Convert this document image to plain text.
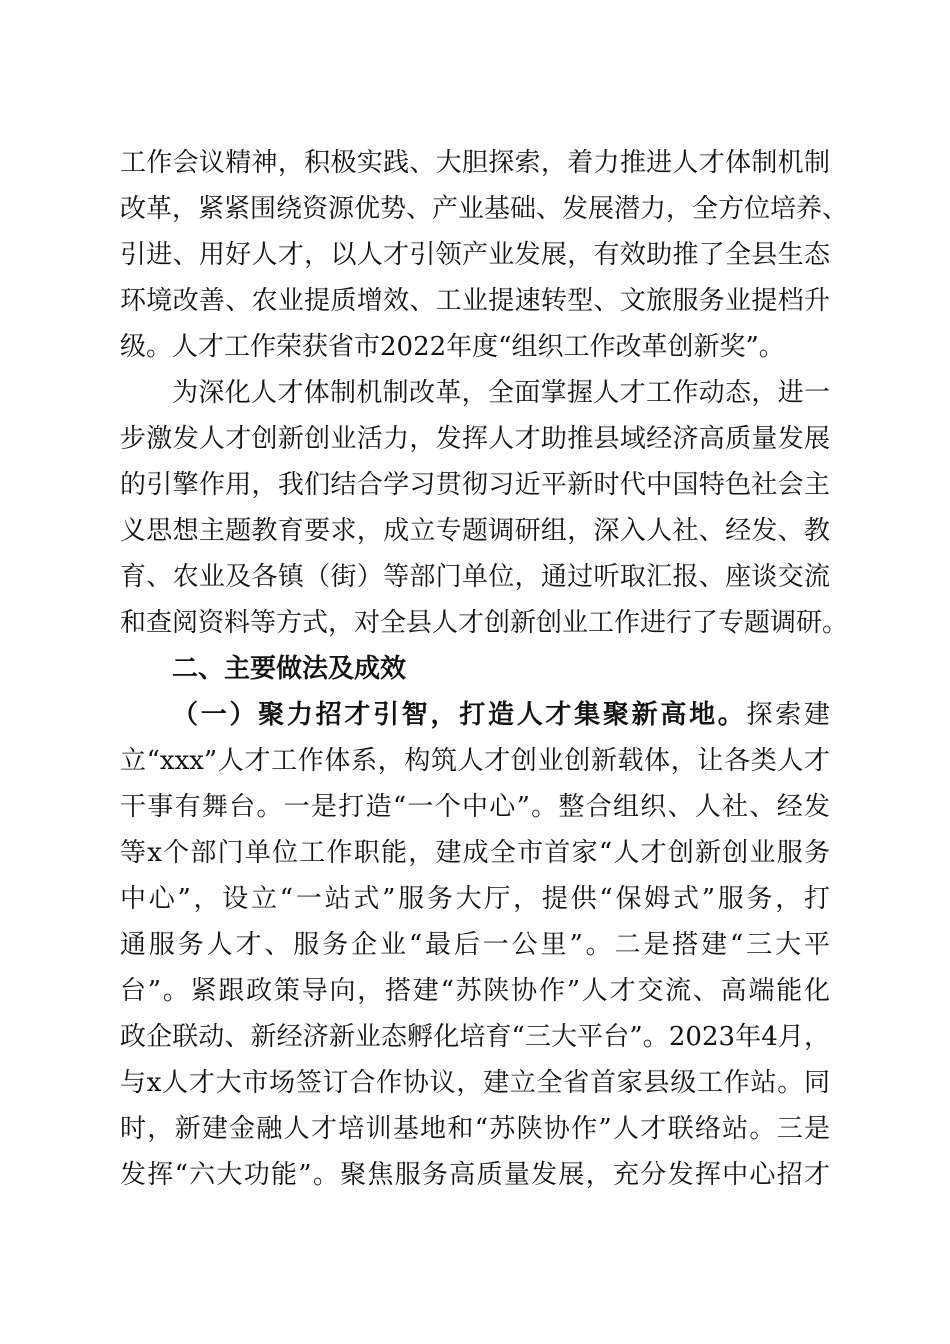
工作会议精神，积极实践、大胆探索，着力推进人才体制机制
改革，紧紧围绕资源优势、产业基础、发展潜力，全方位培养、
引进、用好人才，以人才引领产业发展，有效助推了全县生态
环境改善、农业提质增效、工业提速转型、文旅服务业提档升
级。人才工作荣获省市2022年度“组织工作改革创新奖”。
为深化人才体制机制改革，全面掌握人才工作动态，进一
步激发人才创新创业活力，发挥人才助推县域经济高质量发展
的引擎作用，我们结合学习贯彻习近平新时代中国特色社会主
义思想主题教育要求，成立专题调研组，深入人社、经发、教
育、农业及各镇（街）等部门单位，通过听取汇报、座谈交流
和查阅资料等方式，对全县人才创新创业工作进行了专题调研。
二、主要做法及成效
（一）聚力招才引智，打造人才集聚新高地。探索建
立“xxx”人才工作体系，构筑人才创业创新载体，让各类人才
干事有舞台。一是打造“一个中心”。整合组织、人社、经发
等x个部门单位工作职能，建成全市首家“人才创新创业服务
中心”，设立“一站式”服务大厅，提供“保姆式”服务，打
通服务人才、服务企业“最后一公里”。二是搭建“三大平
台”。紧跟政策导向，搭建“苏陕协作”人才交流、高端能化
政企联动、新经济新业态孵化培育“三大平台”。2023年4月，
与x人才大市场签订合作协议，建立全省首家县级工作站。同
时，新建金融人才培训基地和“苏陕协作”人才联络站。三是
发挥“六大功能”。聚焦服务高质量发展，充分发挥中心招才
